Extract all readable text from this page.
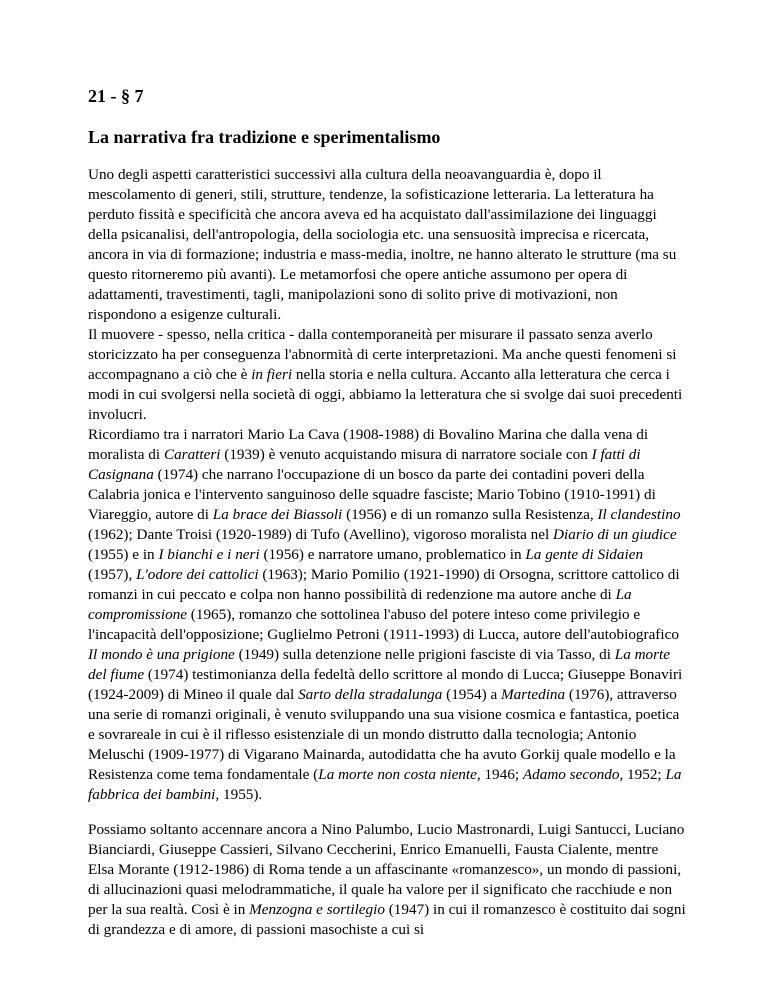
21 - § 7
La narrativa fra tradizione e sperimentalismo

Uno degli aspetti caratteristici successivi alla cultura della neoavanguardia è, dopo il mescolamento di generi, stili, strutture, tendenze, la sofisticazione letteraria. La letteratura ha perduto fissità e specificità che ancora aveva ed ha acquistato dall'assimilazione dei linguaggi della psicanalisi, dell'antropologia, della sociologia etc. una sensuosità imprecisa e ricercata, ancora in via di formazione; industria e mass-media, inoltre, ne hanno alterato le strutture (ma su questo ritorneremo più avanti). Le metamorfosi che opere antiche assumono per opera di adattamenti, travestimenti, tagli, manipolazioni sono di solito prive di motivazioni, non rispondono a esigenze culturali.

Il muovere - spesso, nella critica - dalla contemporaneità per misurare il passato senza averlo storicizzato ha per conseguenza l'abnormità di certe interpretazioni. Ma anche questi fenomeni si accompagnano a ciò che è in fieri nella storia e nella cultura. Accanto alla letteratura che cerca i modi in cui svolgersi nella società di oggi, abbiamo la letteratura che si svolge dai suoi precedenti involucri.

Ricordiamo tra i narratori Mario La Cava (1908-1988) di Bovalino Marina che dalla vena di moralista di Caratteri (1939) è venuto acquistando misura di narratore sociale con I fatti di Casignana (1974) che narrano l'occupazione di un bosco da parte dei contadini poveri della Calabria jonica e l'intervento sanguinoso delle squadre fasciste; Mario Tobino (1910-1991) di Viareggio, autore di La brace dei Biassoli (1956) e di un romanzo sulla Resistenza, Il clandestino (1962); Dante Troisi (1920-1989) di Tufo (Avellino), vigoroso moralista nel Diario di un giudice (1955) e in I bianchi e i neri (1956) e narratore umano, problematico in La gente di Sidaien (1957), L'odore dei cattolici (1963); Mario Pomilio (1921-1990) di Orsogna, scrittore cattolico di romanzi in cui peccato e colpa non hanno possibilità di redenzione ma autore anche di La compromissione (1965), romanzo che sottolinea l'abuso del potere inteso come privilegio e l'incapacità dell'opposizione; Guglielmo Petroni (1911-1993) di Lucca, autore dell'autobiografico Il mondo è una prigione (1949) sulla detenzione nelle prigioni fasciste di via Tasso, di La morte del fiume (1974) testimonianza della fedeltà dello scrittore al mondo di Lucca; Giuseppe Bonaviri (1924-2009) di Mineo il quale dal Sarto della stradalunga (1954) a Martedina (1976), attraverso una serie di romanzi originali, è venuto sviluppando una sua visione cosmica e fantastica, poetica e sovrareale in cui è il riflesso esistenziale di un mondo distrutto dalla tecnologia; Antonio Meluschi (1909-1977) di Vigarano Mainarda, autodidatta che ha avuto Gorkij quale modello e la Resistenza come tema fondamentale (La morte non costa niente, 1946; Adamo secondo, 1952; La fabbrica dei bambini, 1955).

Possiamo soltanto accennare ancora a Nino Palumbo, Lucio Mastronardi, Luigi Santucci, Luciano Bianciardi, Giuseppe Cassieri, Silvano Ceccherini, Enrico Emanuelli, Fausta Cialente, mentre Elsa Morante (1912-1986) di Roma tende a un affascinante «romanzesco», un mondo di passioni, di allucinazioni quasi melodrammatiche, il quale ha valore per il significato che racchiude e non per la sua realtà. Così è in Menzogna e sortilegio (1947) in cui il romanzesco è costituito dai sogni di grandezza e di amore, di passioni masochiste a cui si
